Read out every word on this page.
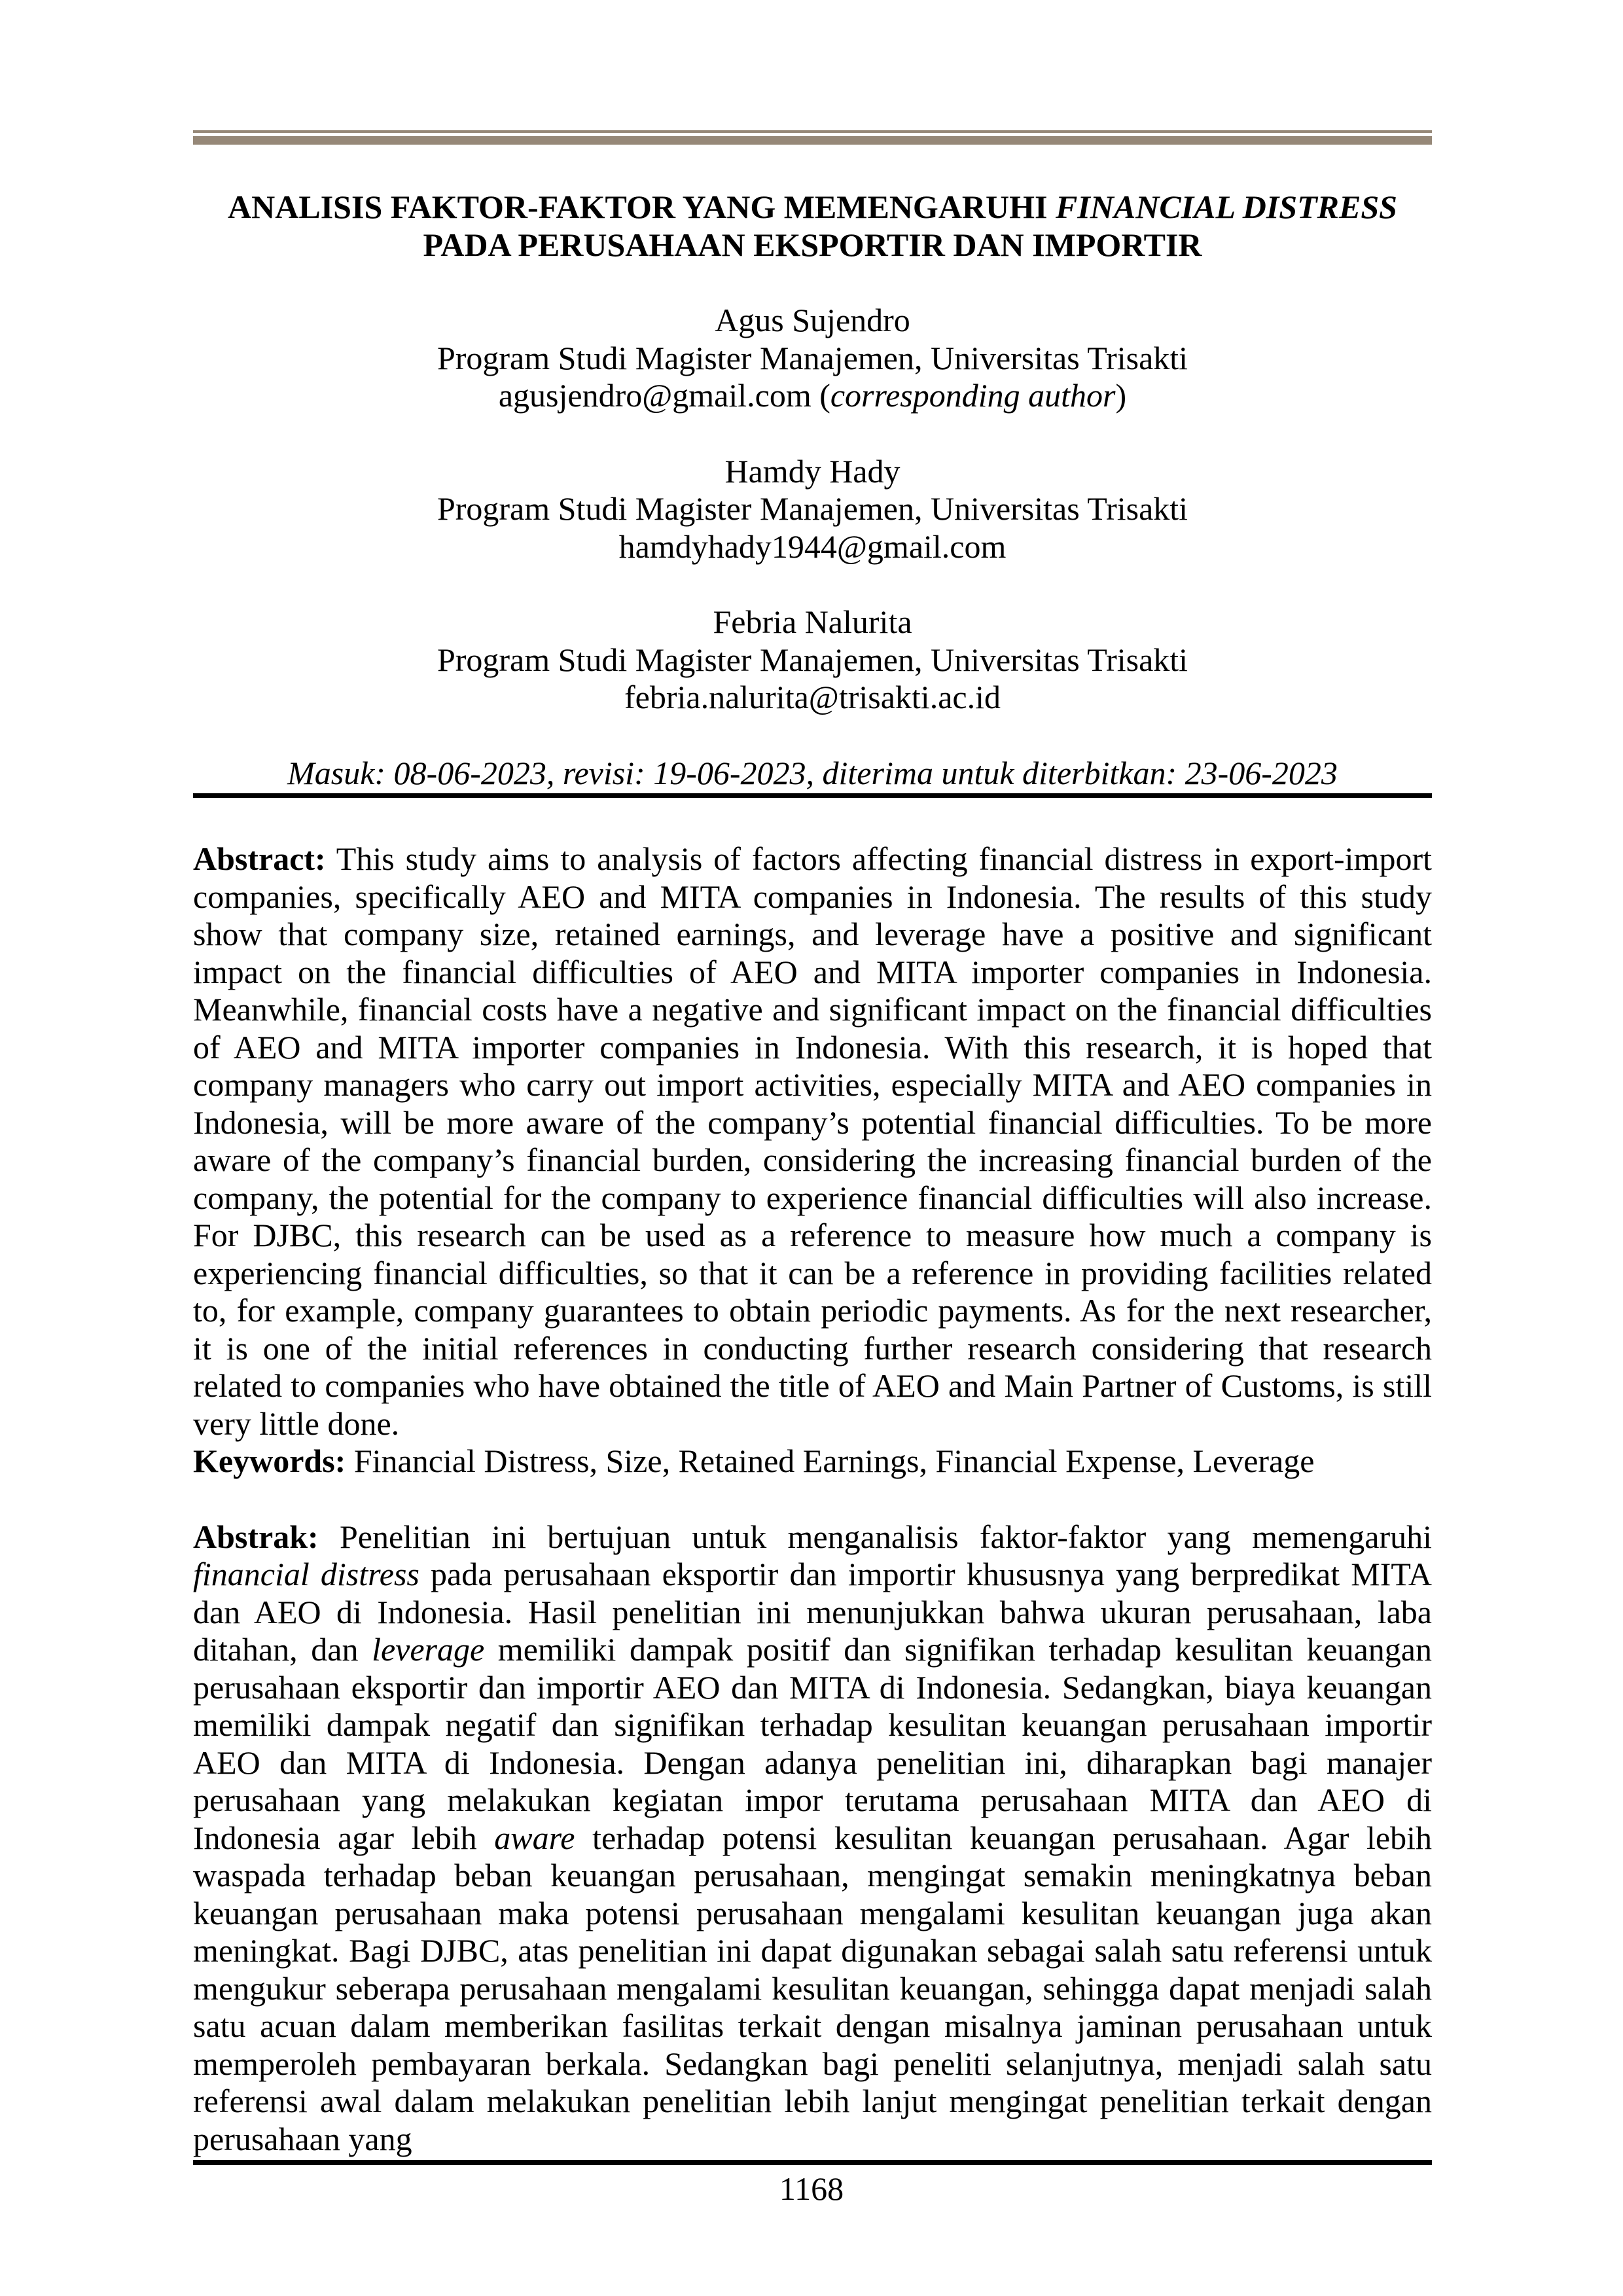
ANALISIS FAKTOR-FAKTOR YANG MEMENGARUHI FINANCIAL DISTRESS
PADA PERUSAHAAN EKSPORTIR DAN IMPORTIR
Agus Sujendro
Program Studi Magister Manajemen, Universitas Trisakti
agusjendro@gmail.com (corresponding author)
Hamdy Hady
Program Studi Magister Manajemen, Universitas Trisakti
hamdyhady1944@gmail.com
Febria Nalurita
Program Studi Magister Manajemen, Universitas Trisakti
febria.nalurita@trisakti.ac.id
Masuk: 08-06-2023, revisi: 19-06-2023, diterima untuk diterbitkan: 23-06-2023

Abstract: This study aims to analysis of factors affecting financial distress in export-import companies, specifically AEO and MITA companies in Indonesia. The results of this study show that company size, retained earnings, and leverage have a positive and significant impact on the financial difficulties of AEO and MITA importer companies in Indonesia. Meanwhile, financial costs have a negative and significant impact on the financial difficulties of AEO and MITA importer companies in Indonesia. With this research, it is hoped that company managers who carry out import activities, especially MITA and AEO companies in Indonesia, will be more aware of the company’s potential financial difficulties. To be more aware of the company’s financial burden, considering the increasing financial burden of the company, the potential for the company to experience financial difficulties will also increase. For DJBC, this research can be used as a reference to measure how much a company is experiencing financial difficulties, so that it can be a reference in providing facilities related to, for example, company guarantees to obtain periodic payments. As for the next researcher, it is one of the initial references in conducting further research considering that research related to companies who have obtained the title of AEO and Main Partner of Customs, is still very little done.

Keywords: Financial Distress, Size, Retained Earnings, Financial Expense, Leverage

Abstrak: Penelitian ini bertujuan untuk menganalisis faktor-faktor yang memengaruhi financial distress pada perusahaan eksportir dan importir khususnya yang berpredikat MITA dan AEO di Indonesia. Hasil penelitian ini menunjukkan bahwa ukuran perusahaan, laba ditahan, dan leverage memiliki dampak positif dan signifikan terhadap kesulitan keuangan perusahaan eksportir dan importir AEO dan MITA di Indonesia. Sedangkan, biaya keuangan memiliki dampak negatif dan signifikan terhadap kesulitan keuangan perusahaan importir AEO dan MITA di Indonesia. Dengan adanya penelitian ini, diharapkan bagi manajer perusahaan yang melakukan kegiatan impor terutama perusahaan MITA dan AEO di Indonesia agar lebih aware terhadap potensi kesulitan keuangan perusahaan. Agar lebih waspada terhadap beban keuangan perusahaan, mengingat semakin meningkatnya beban keuangan perusahaan maka potensi perusahaan mengalami kesulitan keuangan juga akan meningkat. Bagi DJBC, atas penelitian ini dapat digunakan sebagai salah satu referensi untuk mengukur seberapa perusahaan mengalami kesulitan keuangan, sehingga dapat menjadi salah satu acuan dalam memberikan fasilitas terkait dengan misalnya jaminan perusahaan untuk memperoleh pembayaran berkala. Sedangkan bagi peneliti selanjutnya, menjadi salah satu referensi awal dalam melakukan penelitian lebih lanjut mengingat penelitian terkait dengan perusahaan yang

1168
